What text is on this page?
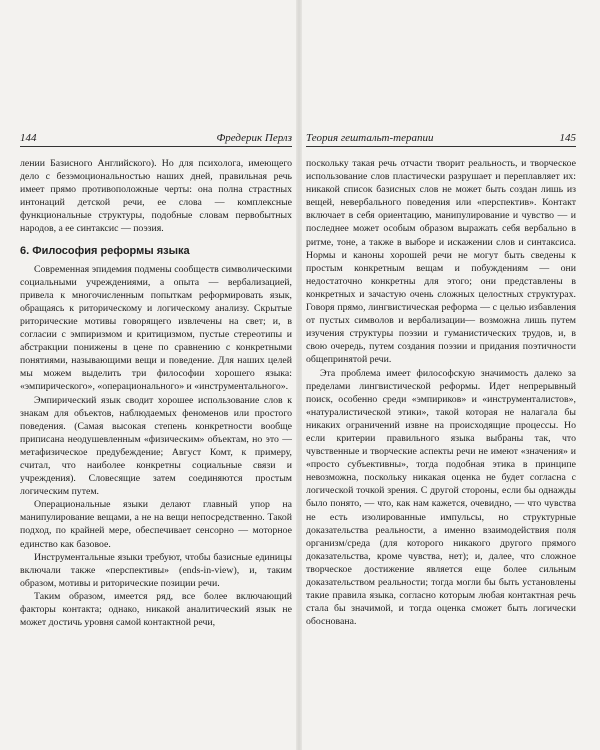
144	Фредерик Перлз

лении Базисного Английского). Но для психолога, имеющего дело с безэмоциональностью наших дней, правильная речь имеет прямо противоположные черты: она полна страстных интонаций детской речи, ее слова — комплексные функциональные структуры, подобные словам первобытных народов, а ее синтаксис — поэзия.

6. Философия реформы языка

Современная эпидемия подмены сообществ символическими социальными учреждениями, а опыта — вербализацией, привела к многочисленным попыткам реформировать язык, обращаясь к риторическому и логическому анализу. Скрытые риторические мотивы говорящего извлечены на свет; и, в согласии с эмпиризмом и критицизмом, пустые стереотипы и абстракции понижены в цене по сравнению с конкретными понятиями, называющими вещи и поведение. Для наших целей мы можем выделить три философии хорошего языка: «эмпирического», «операционального» и «инструментального».

Эмпирический язык сводит хорошее использование слов к знакам для объектов, наблюдаемых феноменов или простого поведения. (Самая высокая степень конкретности вообще приписана неодушевленным «физическим» объектам, но это — метафизическое предубеждение; Август Комт, к примеру, считал, что наиболее конкретны социальные связи и учреждения). Словесящие затем соединяются простым логическим путем.

Операциональные языки делают главный упор на манипулирование вещами, а не на вещи непосредственно. Такой подход, по крайней мере, обеспечивает сенсорно — моторное единство как базовое.

Инструментальные языки требуют, чтобы базисные единицы включали также «перспективы» (ends-in-view), и, таким образом, мотивы и риторические позиции речи.

Таким образом, имеется ряд, все более включающий факторы контакта; однако, никакой аналитический язык не может достичь уровня самой контактной речи,

Теория гештальт-терапии	145

поскольку такая речь отчасти творит реальность, и творческое использование слов пластически разрушает и переплавляет их: никакой список базисных слов не может быть создан лишь из вещей, невербального поведения или «перспектив». Контакт включает в себя ориентацию, манипулирование и чувство — и последнее может особым образом выражать себя вербально в ритме, тоне, а также в выборе и искажении слов и синтаксиса. Нормы и каноны хорошей речи не могут быть сведены к простым конкретным вещам и побуждениям — они недостаточно конкретны для этого; они представлены в конкретных и зачастую очень сложных целостных структурах. Говоря прямо, лингвистическая реформа — с целью избавления от пустых символов и вербализации— возможна лишь путем изучения структуры поэзии и гуманистических трудов, и, в свою очередь, путем создания поэзии и придания поэтичности общепринятой речи.

Эта проблема имеет философскую значимость далеко за пределами лингвистической реформы. Идет непрерывный поиск, особенно среди «эмпириков» и «инструменталистов», «натуралистической этики», такой которая не налагала бы никаких ограничений извне на происходящие процессы. Но если критерии правильного языка выбраны так, что чувственные и творческие аспекты речи не имеют «значения» и «просто субъективны», тогда подобная этика в принципе невозможна, поскольку никакая оценка не будет согласна с логической точкой зрения. С другой стороны, если бы однажды было понято, — что, как нам кажется, очевидно, — что чувства не есть изолированные импульсы, но структурные доказательства реальности, а именно взаимодействия поля организм/среда (для которого никакого другого прямого доказательства, кроме чувства, нет); и, далее, что сложное творческое достижение является еще более сильным доказательством реальности; тогда могли бы быть установлены такие правила языка, согласно которым любая контактная речь стала бы значимой, и тогда оценка сможет быть логически обоснована.
